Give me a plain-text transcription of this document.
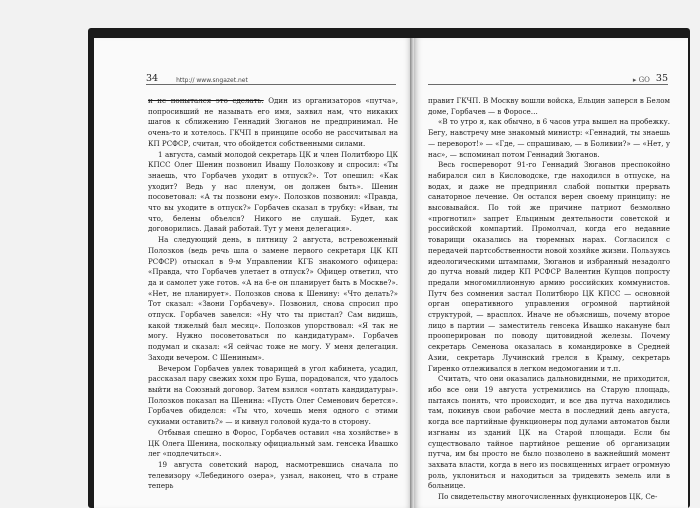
34	http:// www.sngazet.net

и не попытался это сделать. Один из организаторов «путча», попросивший не называть его имя, заявил нам, что никаких шагов к сближению Геннадий Зюганов не предпринимал. Не очень-то и хотелось. ГКЧП в принципе особо не рассчитывал на КП РСФСР, считая, что обойдется собственными силами.

1 августа, самый молодой секретарь ЦК и член Политбюро ЦК КПСС Олег Шенин позвонил Ивашу Полозкову и спросил: «Ты знаешь, что Горбачев уходит в отпуск?». Тот опешил: «Как уходит? Ведь у нас пленум, он должен быть». Шенин посоветовал: «А ты позвони ему». Полозков позвонил: «Правда, что вы уходите в отпуск?» Горбачев сказал в трубку: «Иван, ты что, белены объелся? Никого не слушай. Будет, как договорились. Давай работай. Тут у меня делегация».

На следующий день, в пятницу 2 августа, встревоженный Полозков (ведь речь шла о замене первого секретаря ЦК КП РСФСР) отыскал в 9-м Управлении КГБ знакомого офицера: «Правда, что Горбачев улетает в отпуск?» Офицер ответил, что да и самолет уже готов. «А на 6-е он планирует быть в Москве?». «Нет, не планирует». Полозков снова к Шенину: «Что делать?» Тот сказал: «Звони Горбачеву». Позвонил, снова спросил про отпуск. Горбачев завелся: «Ну что ты пристал? Сам видишь, какой тяжелый был месяц». Полозков упорствовал: «Я так не могу. Нужно посоветоваться по кандидатурам». Горбачев подумал и сказал: «Я сейчас тоже не могу. У меня делегация. Заходи вечером. С Шениным».

Вечером Горбачев увлек товарищей в угол кабинета, усадил, рассказал пару свежих хохм про Буша, порадовался, что удалось выйти на Союзный договор. Затем взялся «onтать кандидатуры». Полозков показал на Шенина: «Пусть Олег Семенович берется». Горбачев обиделся: «Ты что, хочешь меня одного с этими сукиами оставить?» — и кивнул головой куда-то в сторону.

Отбывая спешно в Форос, Горбачев оставил «на хозяйстве» в ЦК Олега Шенина, поскольку официальный зам. генсека Ивашко лег «подлечиться».

19 августа советский народ, насмотревшись сначала по телевизору «Лебединого озера», узнал, наконец, что в стране теперь

▸ GO 35

правит ГКЧП. В Москву вошли войска, Ельцин заперся в Белом доме, Горбачев — в Форосе…

«В то утро я, как обычно, в 6 часов утра вышел на пробежку. Бегу, навстречу мне знакомый министр: «Геннадий, ты знаешь — переворот!» — «Где, — спрашиваю, — в Боливии?» — «Нет, у нас», — вспоминал потом Геннадий Зюганов.

Весь госпереворот 91-го Геннадий Зюганов преспокойно набирался сил в Кисловодске, где находился в отпуске, на водах, и даже не предпринял слабой попытки прервать санаторное лечение. Он остался верен своему принципу: не высовывайся. По той же причине патриот безмолвно «прогнотил» запрет Ельциным деятельности советской и российской компартий. Промолчал, когда его недавние товарищи оказались на тюремных нарах. Согласился с передачей партсобственности новой хозяйке жизни. Пользуясь идеологическими штампами, Зюганов и избранный незадолго до путча новый лидер КП РСФСР Валентин Купцов попросту предали многомиллионную армию российских коммунистов. Путч без сомнения застал Политбюро ЦК КПСС — основной орган оперативного управления огромной партийной структурой, — врасплох. Иначе не объяснишь, почему второе лицо в партии — заместитель генсека Ивашко накануне был прооперирован по поводу щитовидной железы. Почему секретарь Семенова оказалась в командировке в Средней Азии, секретарь Лучинский грелся в Крыму, секретарь Гиренко отлеживался в легком недомогании и т.п.

Считать, что они оказались дальновидными, не приходится, ибо все они 19 августа устремились на Старую площадь, пытаясь понять, что происходит, и все два путча находились там, покинув свои рабочие места в последний день августа, когда все партийные функционеры под дулами автоматов были изгнаны из зданий ЦК на Старой площади. Если бы существовало тайное партийное решение об организации путча, им бы просто не было позволено в важнейший момент захвата власти, когда в него из посвященных играет огромную роль, уклониться и находиться за тридевять земель или в больнице.

По свидетельству многочисленных функционеров ЦК, Се-
